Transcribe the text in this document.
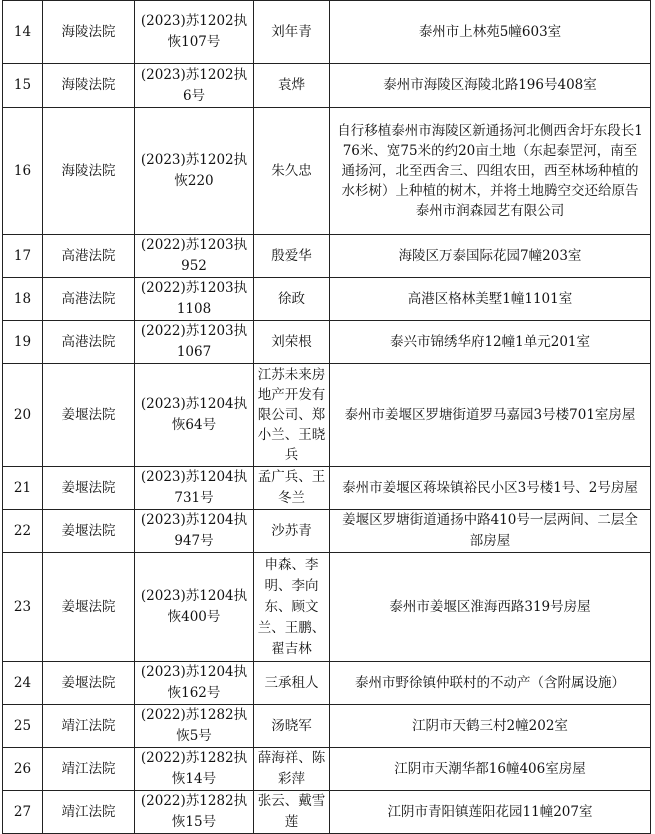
14	海陵法院	(2023)苏1202执恢107号	刘年青	泰州市上林苑5幢603室
15	海陵法院	(2023)苏1202执6号	袁烨	泰州市海陵区海陵北路196号408室
16	海陵法院	(2023)苏1202执恢220	朱久忠	自行移植泰州市海陵区新通扬河北侧西舍圩东段长176米、宽75米的约20亩土地（东起泰罡河，南至通扬河，北至西舍三、四组农田，西至林场种植的水杉树）上种植的树木，并将土地腾空交还给原告泰州市润森园艺有限公司
17	高港法院	(2022)苏1203执952	殷爱华	海陵区万泰国际花园7幢203室
18	高港法院	(2022)苏1203执1108	徐政	高港区格林美墅1幢1101室
19	高港法院	(2022)苏1203执1067	刘荣根	泰兴市锦绣华府12幢1单元201室
20	姜堰法院	(2023)苏1204执恢64号	江苏未来房地产开发有限公司、郑小兰、王晓兵	泰州市姜堰区罗塘街道罗马嘉园3号楼701室房屋
21	姜堰法院	(2023)苏1204执731号	孟广兵、王冬兰	泰州市姜堰区蒋垛镇裕民小区3号楼1号、2号房屋
22	姜堰法院	(2023)苏1204执947号	沙苏青	姜堰区罗塘街道通扬中路410号一层两间、二层全部房屋
23	姜堰法院	(2023)苏1204执恢400号	申森、李明、李向东、顾文兰、王鹏、翟吉林	泰州市姜堰区淮海西路319号房屋
24	姜堰法院	(2023)苏1204执恢162号	三承租人	泰州市野徐镇仲联村的不动产（含附属设施）
25	靖江法院	(2022)苏1282执恢5号	汤晓军	江阴市天鹤三村2幢202室
26	靖江法院	(2022)苏1282执恢14号	薛海祥、陈彩萍	江阴市天潮华都16幢406室房屋
27	靖江法院	(2022)苏1282执恢15号	张云、戴雪莲	江阴市青阳镇莲阳花园11幢207室
